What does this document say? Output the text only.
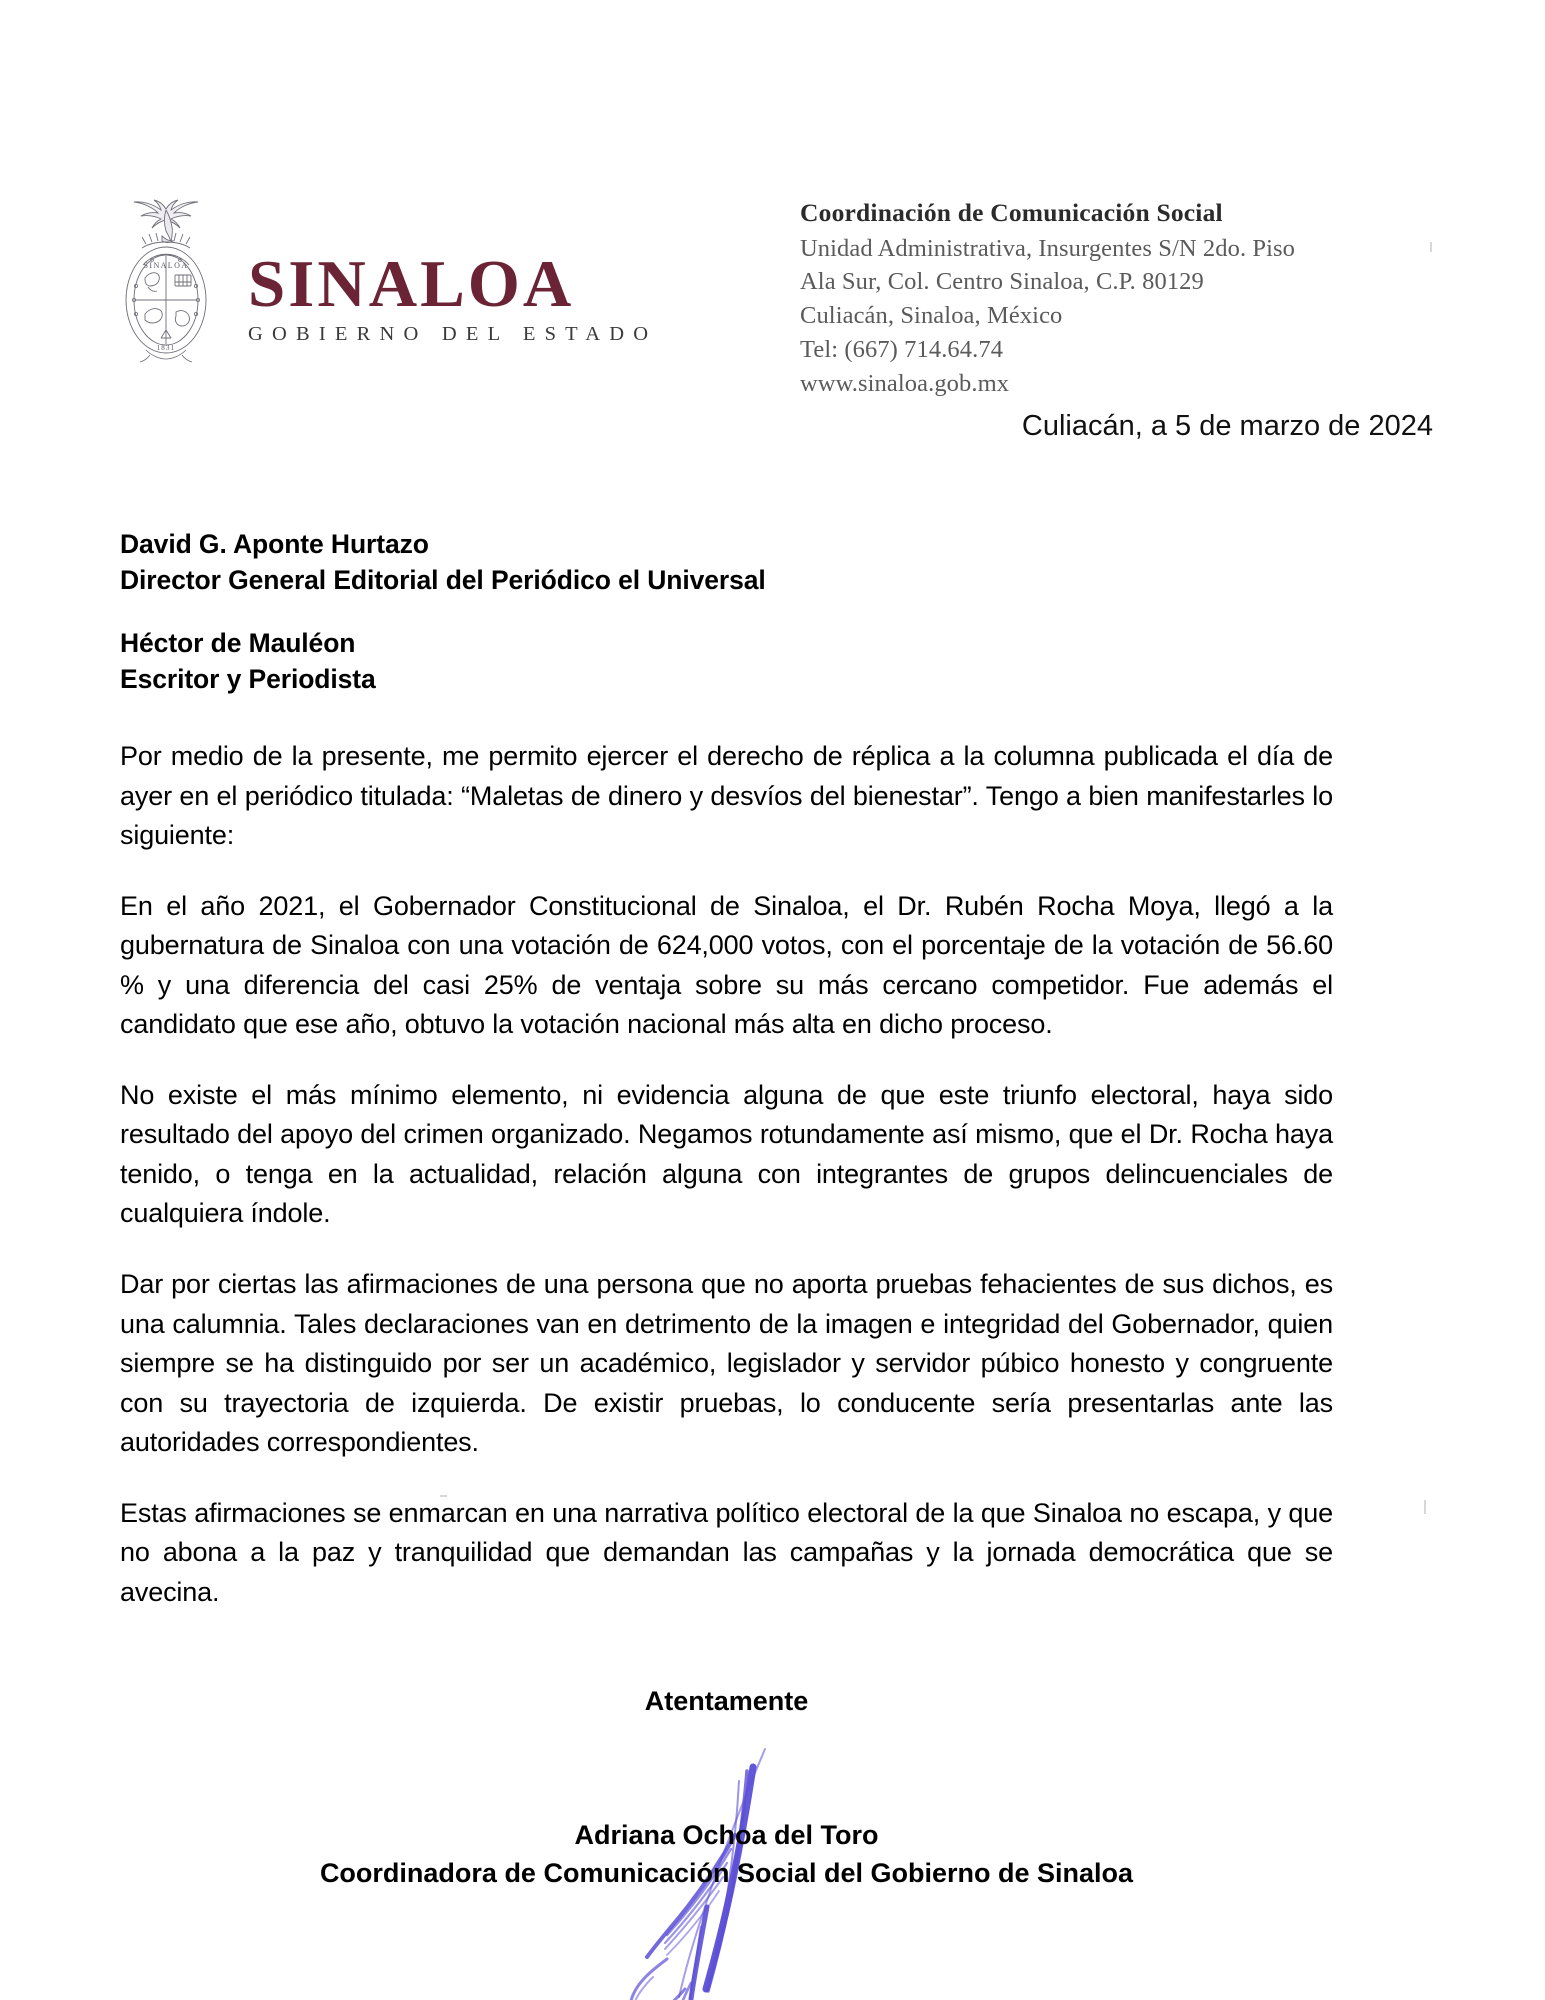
SINALOA
1831
SINALOA
GOBIERNO DEL ESTADO
Coordinación de Comunicación Social
Unidad Administrativa, Insurgentes S/N 2do. Piso
Ala Sur, Col. Centro Sinaloa, C.P. 80129
Culiacán, Sinaloa, México
Tel: (667) 714.64.74
www.sinaloa.gob.mx
Culiacán, a 5 de marzo de 2024
David G. Aponte Hurtazo
Director General Editorial del Periódico el Universal
Héctor de Mauléon
Escritor y Periodista

Por medio de la presente, me permito ejercer el derecho de réplica a la columna publicada el día de ayer en el periódico titulada: “Maletas de dinero y desvíos del bienestar”. Tengo a bien manifestarles lo siguiente:

En el año 2021, el Gobernador Constitucional de Sinaloa, el Dr. Rubén Rocha Moya, llegó a la gubernatura de Sinaloa con una votación de 624,000 votos, con el porcentaje de la votación de 56.60 % y una diferencia del casi 25% de ventaja sobre su más cercano competidor. Fue además el candidato que ese año, obtuvo la votación nacional más alta en dicho proceso.

No existe el más mínimo elemento, ni evidencia alguna de que este triunfo electoral, haya sido resultado del apoyo del crimen organizado. Negamos rotundamente así mismo, que el Dr. Rocha haya tenido, o tenga en la actualidad, relación alguna con integrantes de grupos delincuenciales de cualquiera índole.

Dar por ciertas las afirmaciones de una persona que no aporta pruebas fehacientes de sus dichos, es una calumnia. Tales declaraciones van en detrimento de la imagen e integridad del Gobernador, quien siempre se ha distinguido por ser un académico, legislador y servidor púbico honesto y congruente con su trayectoria de izquierda. De existir pruebas, lo conducente sería presentarlas ante las autoridades correspondientes.

Estas afirmaciones se enmarcan en una narrativa político electoral de la que Sinaloa no escapa, y que no abona a la paz y tranquilidad que demandan las campañas y la jornada democrática que se avecina.

Atentamente
Adriana Ochoa del Toro
Coordinadora de Comunicación Social del Gobierno de Sinaloa
